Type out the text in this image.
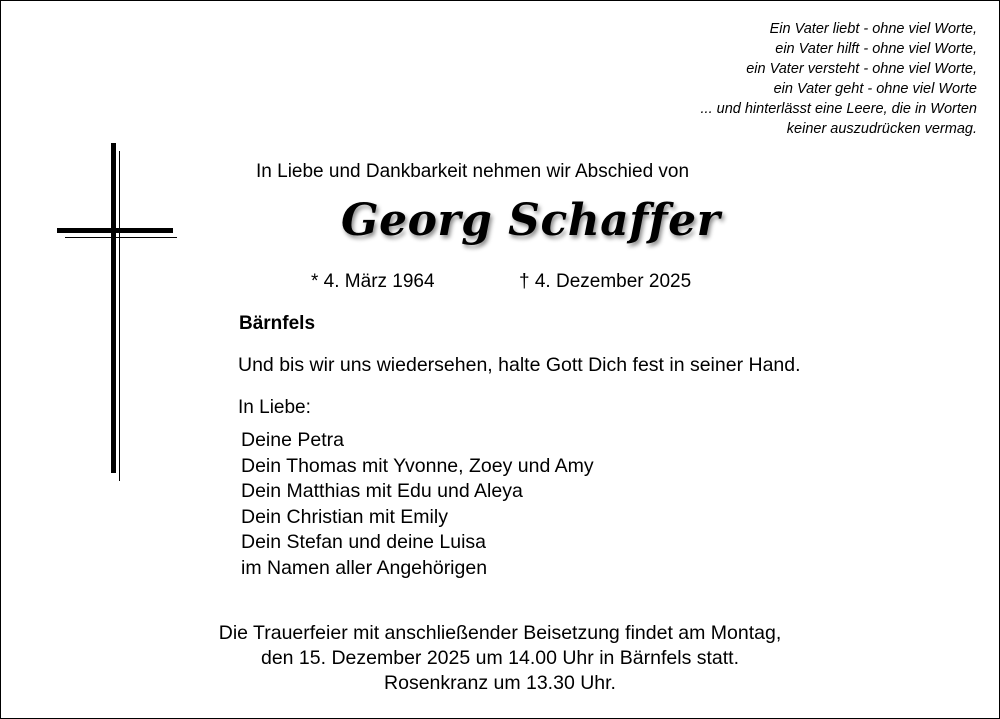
Ein Vater liebt - ohne viel Worte,
ein Vater hilft - ohne viel Worte,
ein Vater versteht - ohne viel Worte,
ein Vater geht - ohne viel Worte
... und hinterlässt eine Leere, die in Worten
keiner auszudrücken vermag.
In Liebe und Dankbarkeit nehmen wir Abschied von
Georg Schaffer
* 4. März 1964	† 4. Dezember 2025
Bärnfels
Und bis wir uns wiedersehen, halte Gott Dich fest in seiner Hand.
In Liebe:
Deine Petra
Dein Thomas mit Yvonne, Zoey und Amy
Dein Matthias mit Edu und Aleya
Dein Christian mit Emily
Dein Stefan und deine Luisa
im Namen aller Angehörigen
Die Trauerfeier mit anschließender Beisetzung findet am Montag,
den 15. Dezember 2025 um 14.00 Uhr in Bärnfels statt.
Rosenkranz um 13.30 Uhr.
